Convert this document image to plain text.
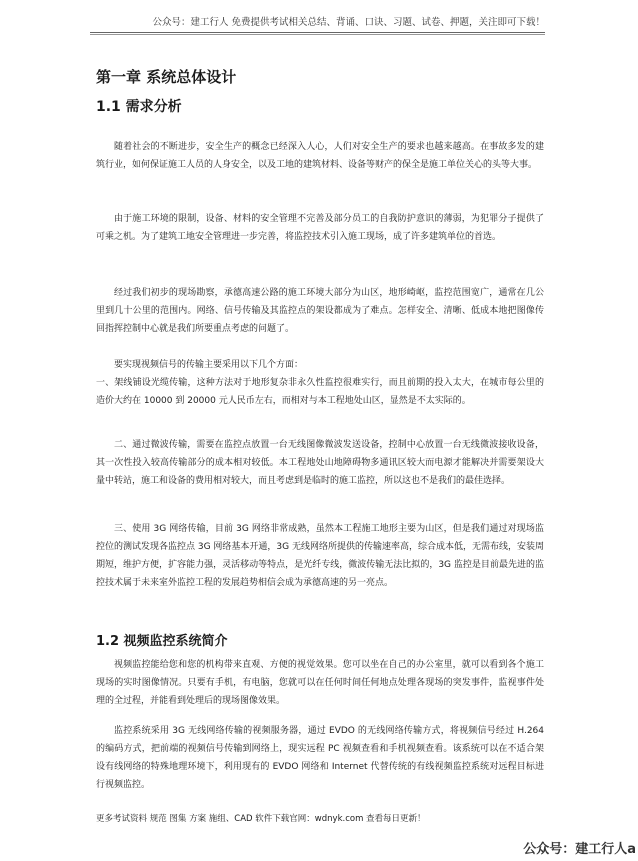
公众号：建工行人 免费提供考试相关总结、背诵、口诀、习题、试卷、押题，关注即可下载！
第一章 系统总体设计
1.1 需求分析
随着社会的不断进步，安全生产的概念已经深入人心，人们对安全生产的要求也越来越高。在事故多发的建筑行业，如何保证施工人员的人身安全，以及工地的建筑材料、设备等财产的保全是施工单位关心的头等大事。
由于施工环境的限制，设备、材料的安全管理不完善及部分员工的自我防护意识的薄弱，为犯罪分子提供了可乘之机。为了建筑工地安全管理进一步完善，将监控技术引入施工现场，成了许多建筑单位的首选。
经过我们初步的现场勘察，承德高速公路的施工环境大部分为山区，地形崎岖，监控范围宽广，通常在几公里到几十公里的范围内。网络、信号传输及其监控点的架设都成为了难点。怎样安全、清晰、低成本地把图像传回指挥控制中心就是我们所要重点考虑的问题了。
要实现视频信号的传输主要采用以下几个方面：
一、架线铺设光缆传输，这种方法对于地形复杂非永久性监控很难实行，而且前期的投入太大，在城市每公里的造价大约在 10000 到 20000 元人民币左右，而相对与本工程地处山区，显然是不太实际的。
二、通过微波传输，需要在监控点放置一台无线图像微波发送设备，控制中心放置一台无线微波接收设备，其一次性投入较高传输部分的成本相对较低。本工程地处山地障碍物多通讯区较大而电源才能解决并需要架设大量中转站，施工和设备的费用相对较大，而且考虑到是临时的施工监控，所以这也不是我们的最佳选择。
三、使用 3G 网络传输，目前 3G 网络非常成熟，虽然本工程施工地形主要为山区，但是我们通过对现场监控位的测试发现各监控点 3G 网络基本开通，3G 无线网络所提供的传输速率高，综合成本低，无需布线，安装周期短，维护方便，扩容能力强，灵活移动等特点，是光纤专线，微波传输无法比拟的，3G 监控是目前最先进的监控技术属于未来室外监控工程的发展趋势相信会成为承德高速的另一亮点。
1.2 视频监控系统简介
视频监控能给您和您的机构带来直观、方便的视觉效果。您可以坐在自己的办公室里，就可以看到各个施工现场的实时图像情况。只要有手机，有电脑，您就可以在任何时间任何地点处理各现场的突发事件，监视事件处理的全过程，并能看到处理后的现场图像效果。
监控系统采用 3G 无线网络传输的视频服务器，通过 EVDO 的无线网络传输方式，将视频信号经过 H.264 的编码方式，把前端的视频信号传输到网络上，现实远程 PC 视频查看和手机视频查看。该系统可以在不适合架设有线网络的特殊地理环境下，利用现有的 EVDO 网络和 Internet 代替传统的有线视频监控系统对远程目标进行视频监控。
更多考试资料 规范 图集 方案 施组、CAD 软件下载官网：wdnyk.com 查看每日更新！
公众号：建工行人a
